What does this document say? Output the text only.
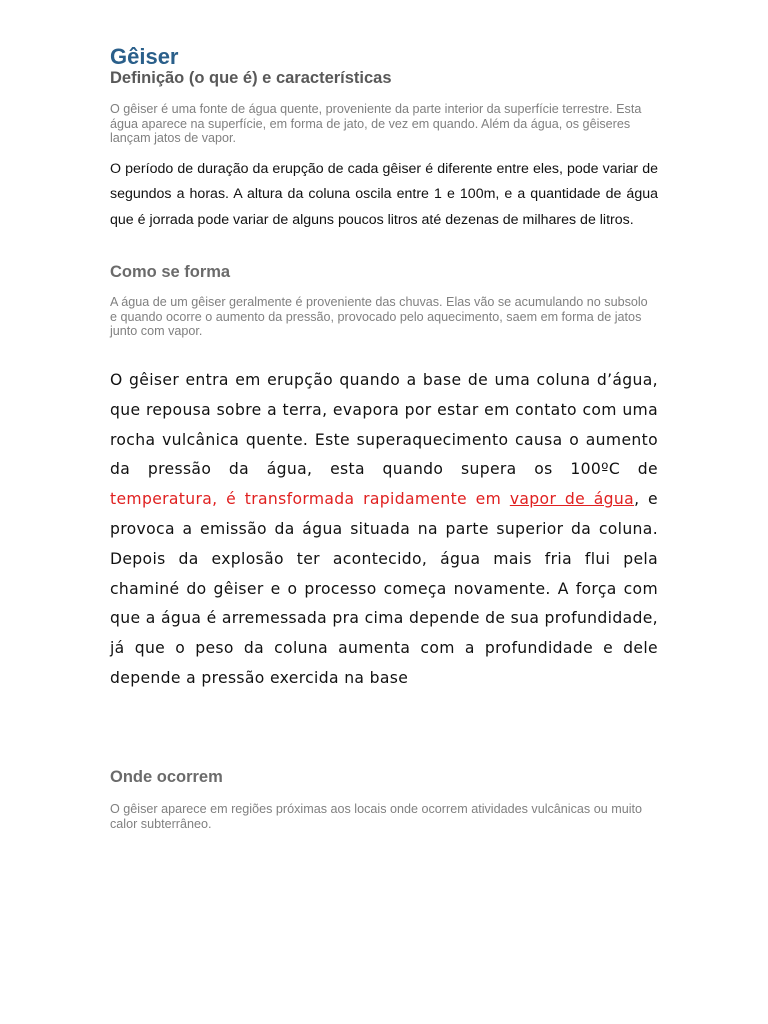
Gêiser
Definição (o que é) e características

O gêiser é uma fonte de água quente, proveniente da parte interior da superfície terrestre. Esta água aparece na superfície, em forma de jato, de vez em quando. Além da água, os gêiseres lançam jatos de vapor.

O período de duração da erupção de cada gêiser é diferente entre eles, pode variar de segundos a horas. A altura da coluna oscila entre 1 e 100m, e a quantidade de água que é jorrada pode variar de alguns poucos litros até dezenas de milhares de litros.

Como se forma

A água de um gêiser geralmente é proveniente das chuvas. Elas vão se acumulando no subsolo e quando ocorre o aumento da pressão, provocado pelo aquecimento, saem em forma de jatos junto com vapor.

O gêiser entra em erupção quando a base de uma coluna d’água, que repousa sobre a terra, evapora por estar em contato com uma rocha vulcânica quente. Este superaquecimento causa o aumento da pressão da água, esta quando supera os 100ºC de temperatura, é transformada rapidamente em vapor de água, e provoca a emissão da água situada na parte superior da coluna. Depois da explosão ter acontecido, água mais fria flui pela chaminé do gêiser e o processo começa novamente. A força com que a água é arremessada pra cima depende de sua profundidade, já que o peso da coluna aumenta com a profundidade e dele depende a pressão exercida na base

Onde ocorrem

O gêiser aparece em regiões próximas aos locais onde ocorrem atividades vulcânicas ou muito calor subterrâneo.
